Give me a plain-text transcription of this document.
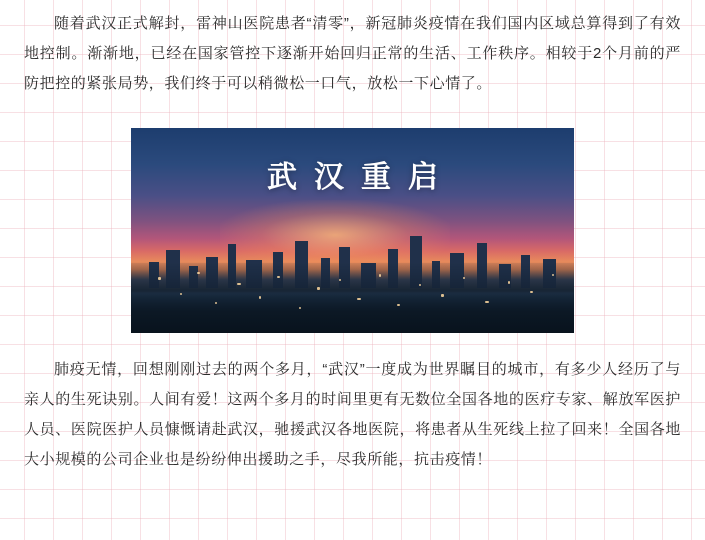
随着武汉正式解封，雷神山医院患者“清零”，新冠肺炎疫情在我们国内区域总算得到了有效地控制。渐渐地，已经在国家管控下逐渐开始回归正常的生活、工作秩序。相较于2个月前的严防把控的紧张局势，我们终于可以稍微松一口气，放松一下心情了。

武汉重启

肺疫无情，回想刚刚过去的两个多月，“武汉”一度成为世界瞩目的城市，有多少人经历了与亲人的生死诀别。人间有爱！这两个多月的时间里更有无数位全国各地的医疗专家、解放军医护人员、医院医护人员慷慨请赴武汉，驰援武汉各地医院，将患者从生死线上拉了回来！全国各地大小规模的公司企业也是纷纷伸出援助之手，尽我所能，抗击疫情！
